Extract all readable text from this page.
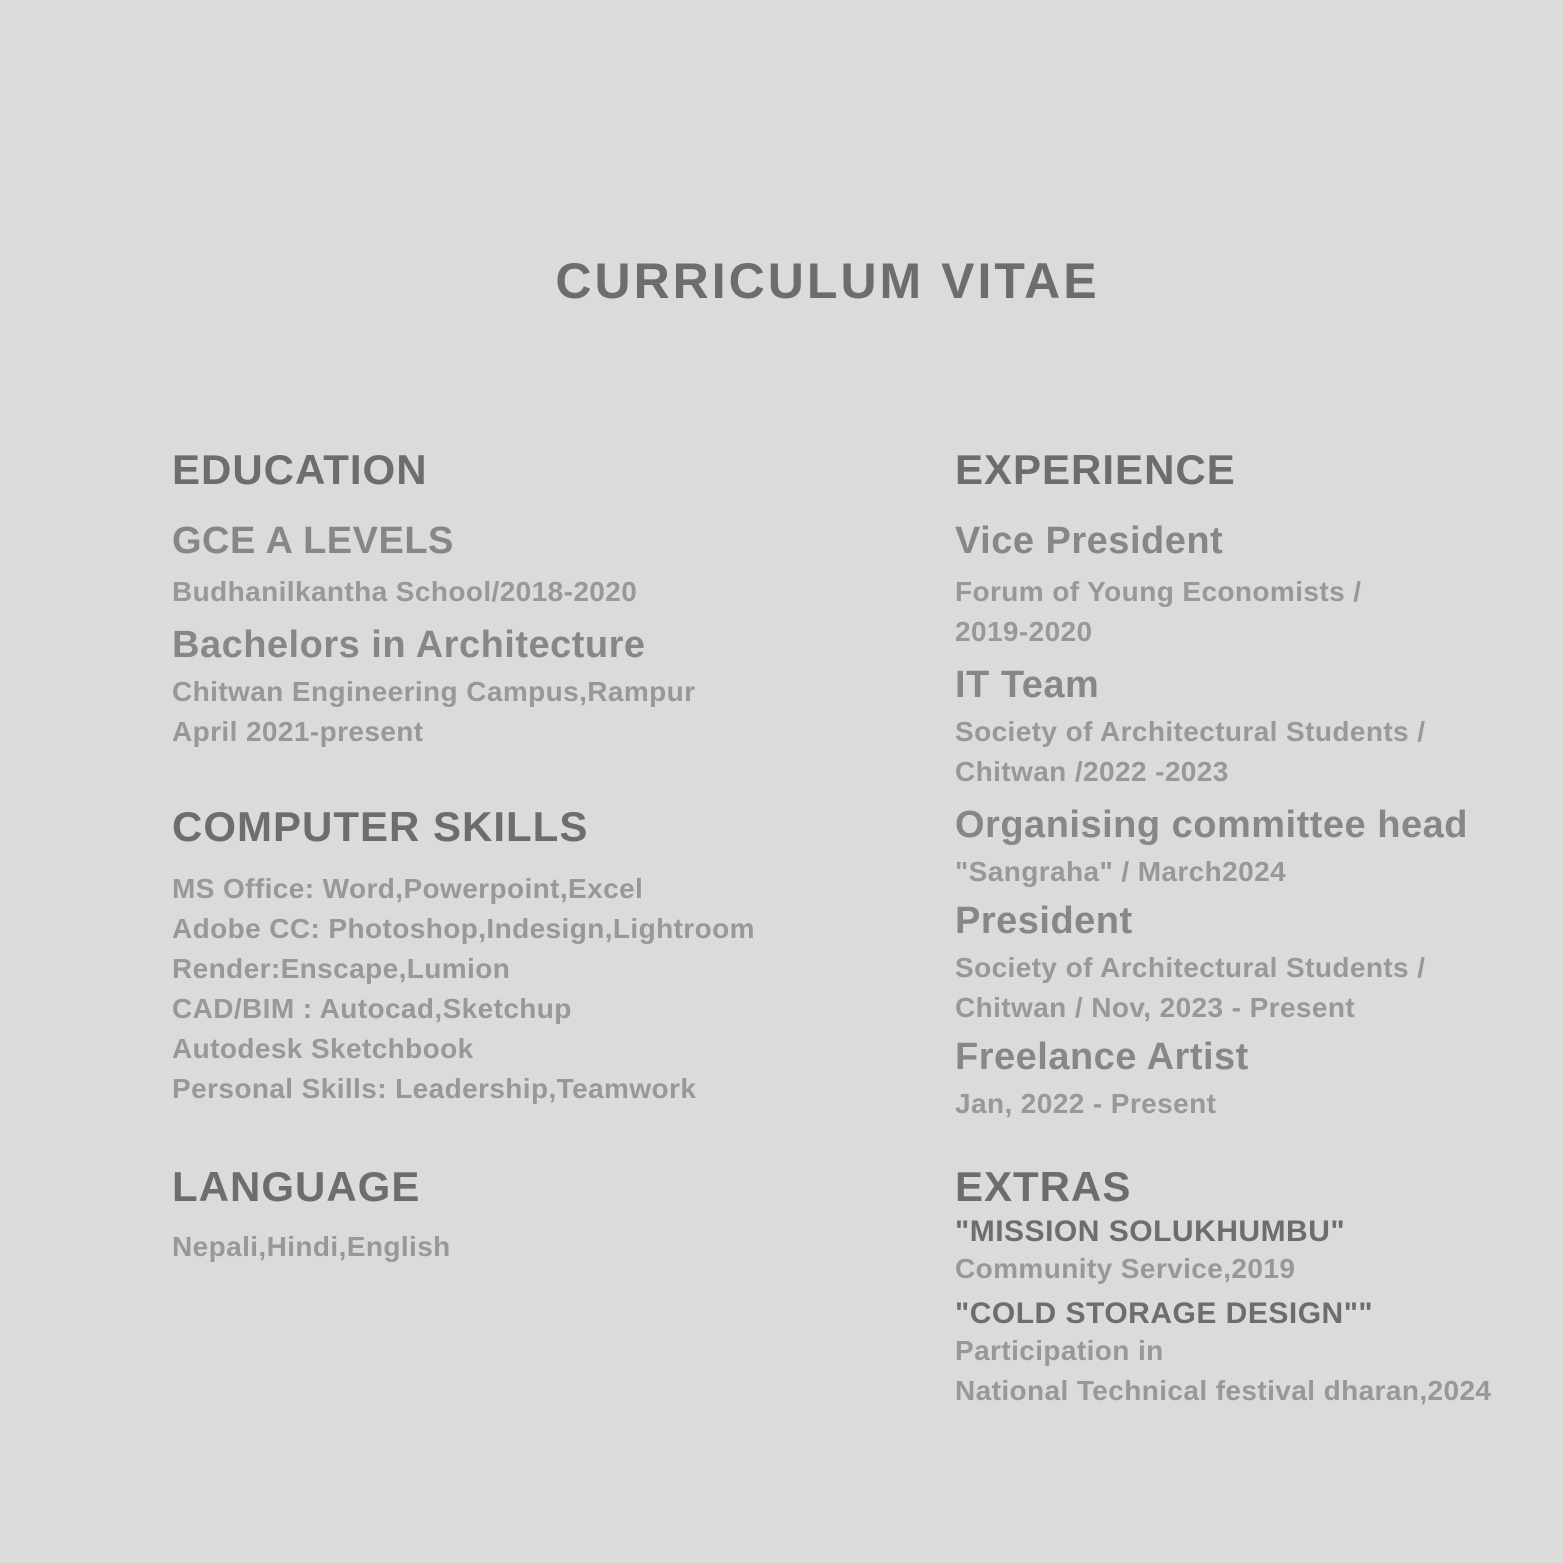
CURRICULUM VITAE
EDUCATION
GCE A LEVELS

Budhanilkantha School/2018-2020

Bachelors in Architecture

Chitwan Engineering Campus,Rampur

April 2021-present

COMPUTER SKILLS

MS Office: Word,Powerpoint,Excel

Adobe CC: Photoshop,Indesign,Lightroom

Render:Enscape,Lumion

CAD/BIM : Autocad,Sketchup

Autodesk Sketchbook

Personal Skills: Leadership,Teamwork

LANGUAGE

Nepali,Hindi,English

EXPERIENCE
Vice President

Forum of Young Economists /

2019-2020

IT Team

Society of Architectural Students /

Chitwan /2022 -2023

Organising committee head

"Sangraha" / March2024

President

Society of Architectural Students /

Chitwan / Nov, 2023 - Present

Freelance Artist

Jan, 2022 - Present

EXTRAS
"MISSION SOLUKHUMBU"

Community Service,2019

"COLD STORAGE DESIGN""

Participation in

National Technical festival dharan,2024
